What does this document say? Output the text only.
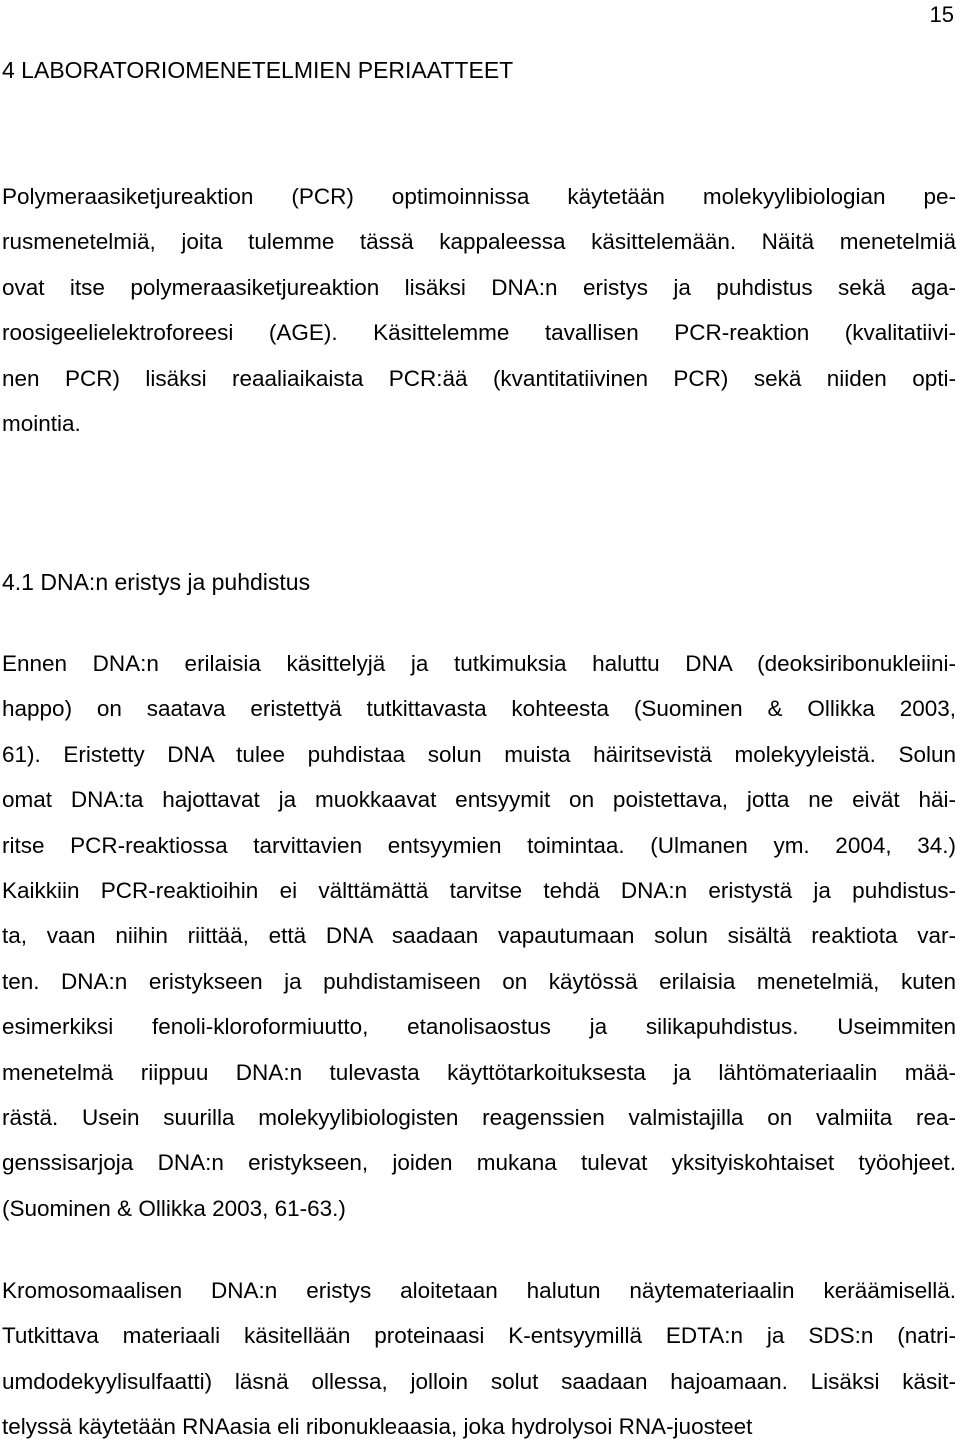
15
4 LABORATORIOMENETELMIEN PERIAATTEET
Polymeraasiketjureaktion (PCR) optimoinnissa käytetään molekyylibiologian pe-
rusmenetelmiä, joita tulemme tässä kappaleessa käsittelemään. Näitä menetelmiä
ovat itse polymeraasiketjureaktion lisäksi DNA:n eristys ja puhdistus sekä aga-
roosigeelielektroforeesi (AGE). Käsittelemme tavallisen PCR-reaktion (kvalitatiivi-
nen PCR) lisäksi reaaliaikaista PCR:ää (kvantitatiivinen PCR) sekä niiden opti-
mointia.
4.1 DNA:n eristys ja puhdistus
Ennen DNA:n erilaisia käsittelyjä ja tutkimuksia haluttu DNA (deoksiribonukleiini-
happo) on saatava eristettyä tutkittavasta kohteesta (Suominen & Ollikka 2003,
61). Eristetty DNA tulee puhdistaa solun muista häiritsevistä molekyyleistä. Solun
omat DNA:ta hajottavat ja muokkaavat entsyymit on poistettava, jotta ne eivät häi-
ritse PCR-reaktiossa tarvittavien entsyymien toimintaa. (Ulmanen ym. 2004, 34.)
Kaikkiin PCR-reaktioihin ei välttämättä tarvitse tehdä DNA:n eristystä ja puhdistus-
ta, vaan niihin riittää, että DNA saadaan vapautumaan solun sisältä reaktiota var-
ten. DNA:n eristykseen ja puhdistamiseen on käytössä erilaisia menetelmiä, kuten
esimerkiksi fenoli-kloroformiuutto, etanolisaostus ja silikapuhdistus. Useimmiten
menetelmä riippuu DNA:n tulevasta käyttötarkoituksesta ja lähtömateriaalin mää-
rästä. Usein suurilla molekyylibiologisten reagenssien valmistajilla on valmiita rea-
genssisarjoja DNA:n eristykseen, joiden mukana tulevat yksityiskohtaiset työohjeet.
(Suominen & Ollikka 2003, 61-63.)
Kromosomaalisen DNA:n eristys aloitetaan halutun näytemateriaalin keräämisellä.
Tutkittava materiaali käsitellään proteinaasi K-entsyymillä EDTA:n ja SDS:n (natri-
umdodekyylisulfaatti) läsnä ollessa, jolloin solut saadaan hajoamaan. Lisäksi käsit-
telyssä käytetään RNAasia eli ribonukleaasia, joka hydrolysoi RNA-juosteet
